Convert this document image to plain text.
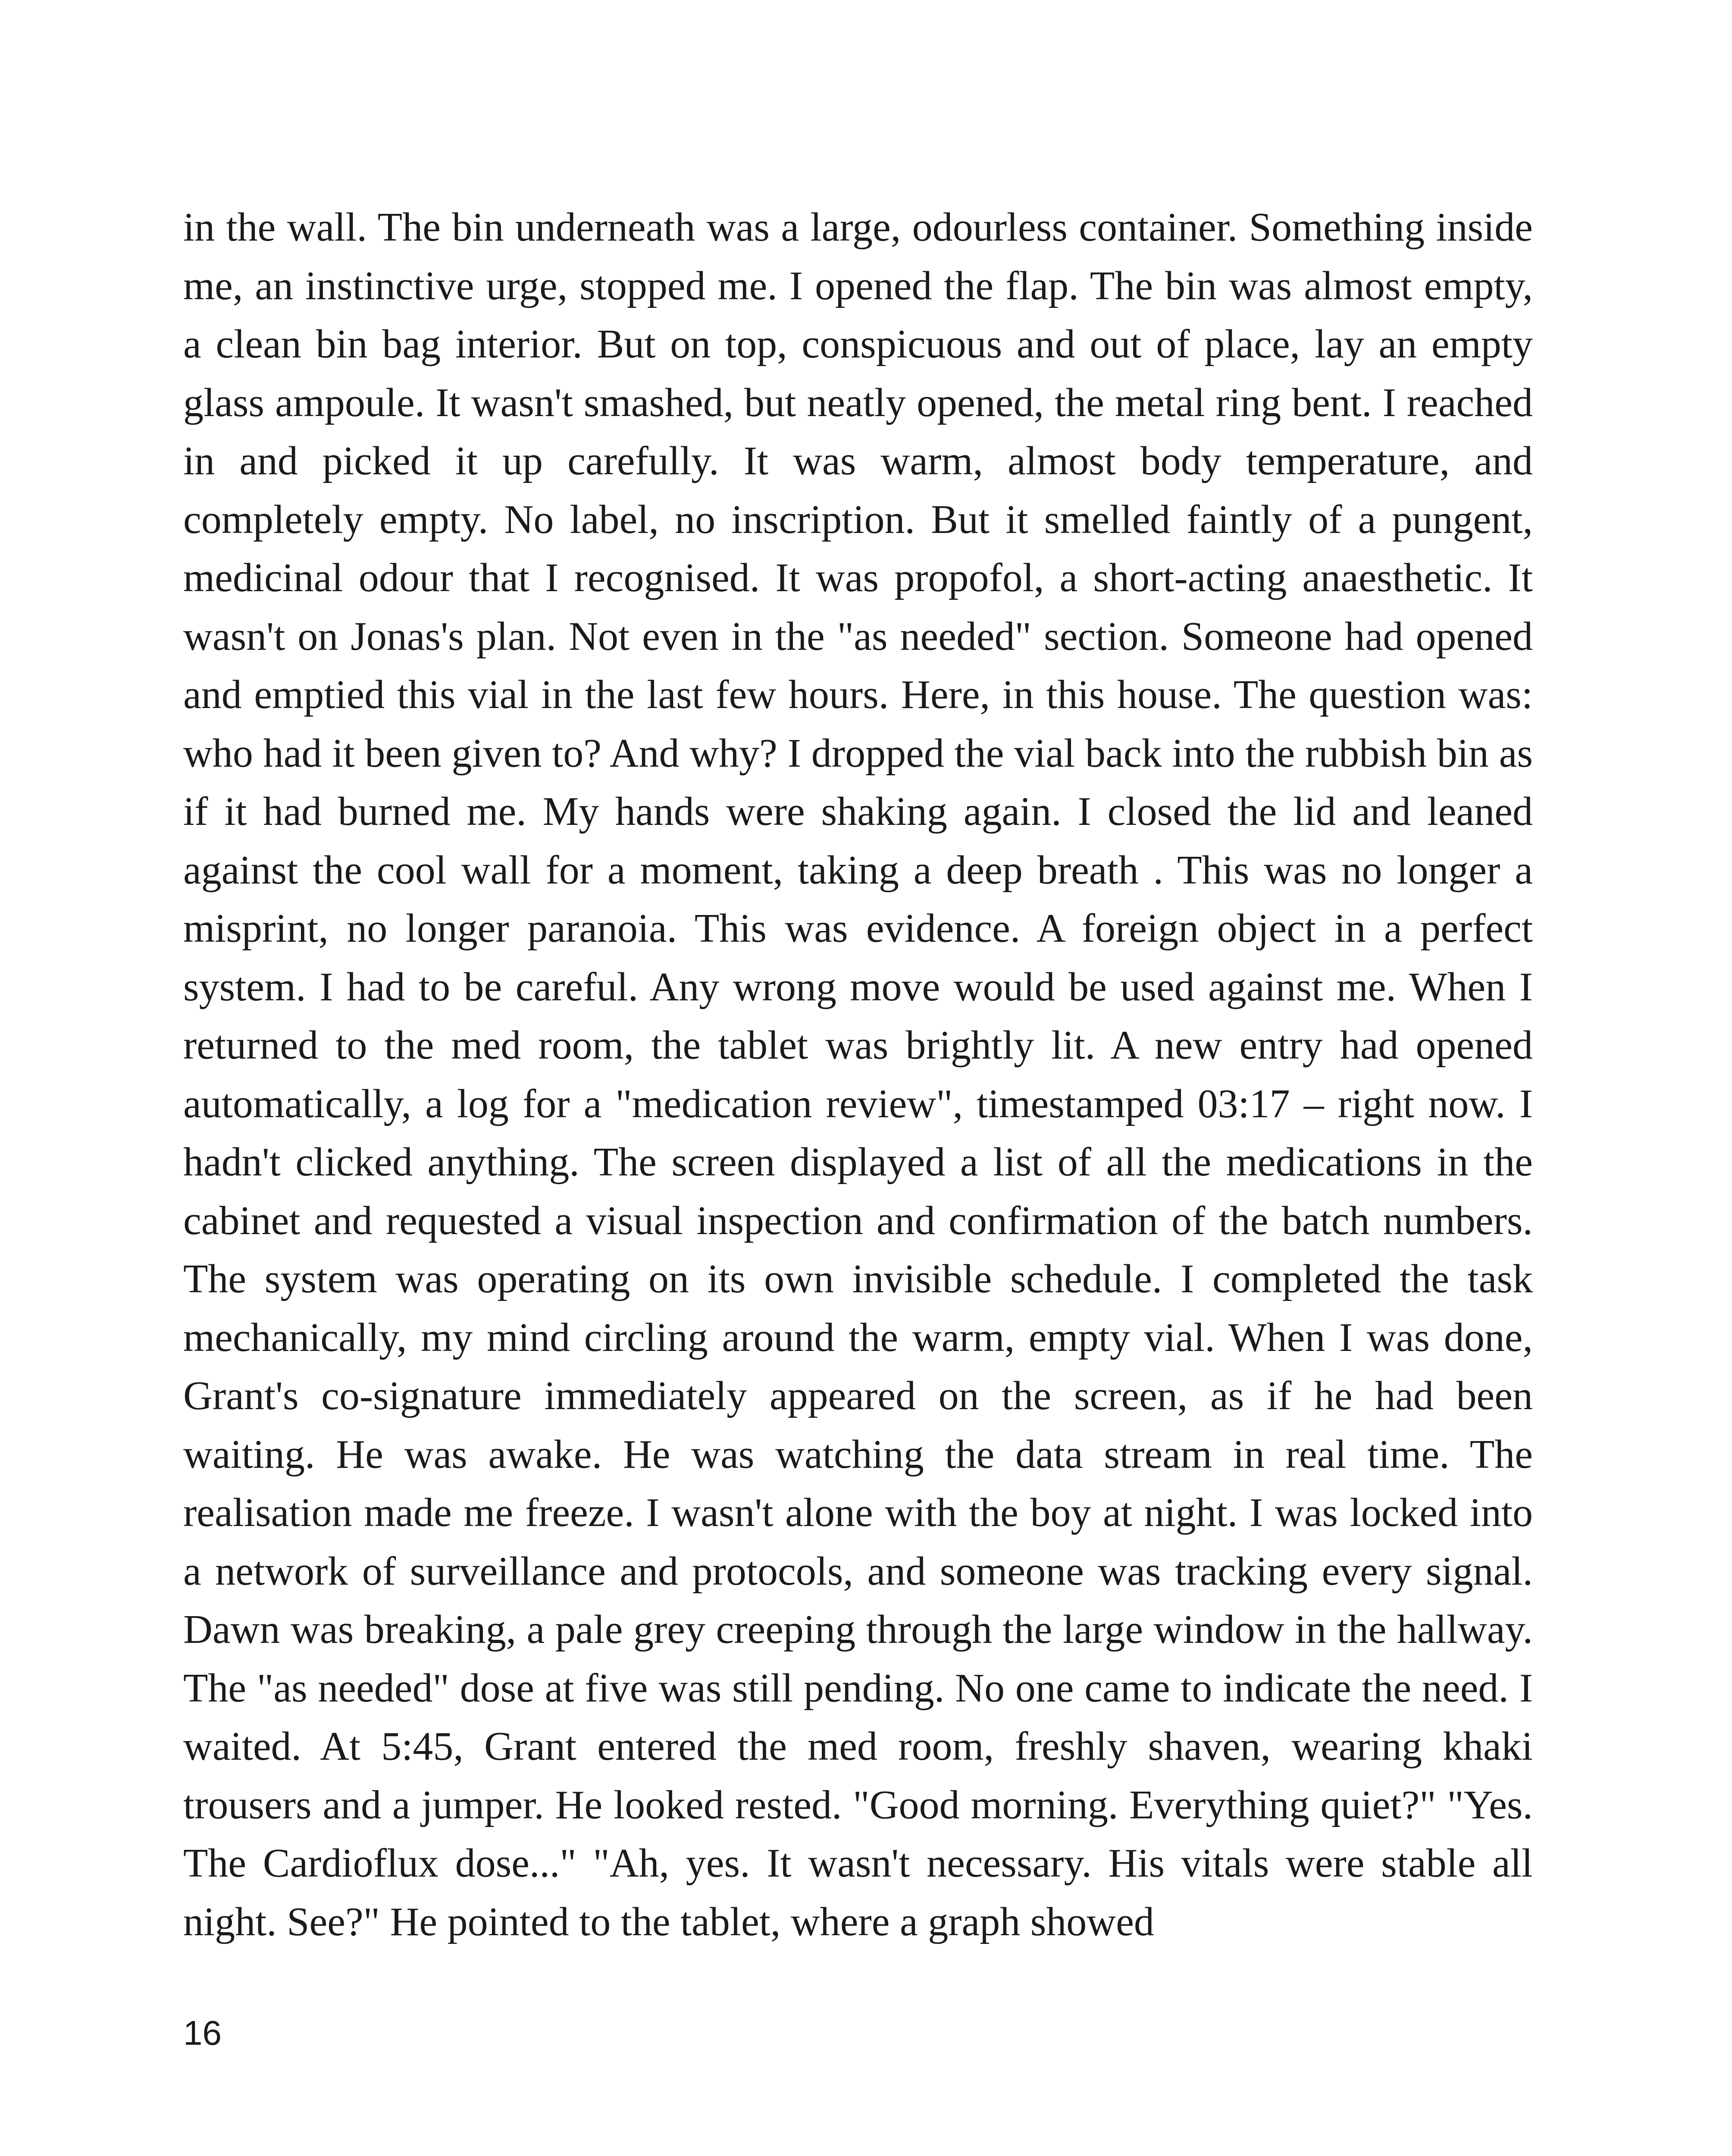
in the wall. The bin underneath was a large, odourless container. Something inside me, an instinctive urge, stopped me. I opened the flap. The bin was almost empty, a clean bin bag interior. But on top, conspicuous and out of place, lay an empty glass ampoule. It wasn't smashed, but neatly opened, the metal ring bent. I reached in and picked it up carefully. It was warm, almost body temperature, and completely empty. No label, no inscription. But it smelled faintly of a pungent, medicinal odour that I recognised. It was propofol, a short-acting anaesthetic. It wasn't on Jonas's plan. Not even in the "as needed" section. Someone had opened and emptied this vial in the last few hours. Here, in this house. The question was: who had it been given to? And why? I dropped the vial back into the rubbish bin as if it had burned me. My hands were shaking again. I closed the lid and leaned against the cool wall for a moment, taking a deep breath . This was no longer a misprint, no longer paranoia. This was evidence. A foreign object in a perfect system. I had to be careful. Any wrong move would be used against me. When I returned to the med room, the tablet was brightly lit. A new entry had opened automatically, a log for a "medication review", timestamped 03:17 – right now. I hadn't clicked anything. The screen displayed a list of all the medications in the cabinet and requested a visual inspection and confirmation of the batch numbers. The system was operating on its own invisible schedule. I completed the task mechanically, my mind circling around the warm, empty vial. When I was done, Grant's co-signature immediately appeared on the screen, as if he had been waiting. He was awake. He was watching the data stream in real time. The realisation made me freeze. I wasn't alone with the boy at night. I was locked into a network of surveillance and protocols, and someone was tracking every signal. Dawn was breaking, a pale grey creeping through the large window in the hallway. The "as needed" dose at five was still pending. No one came to indicate the need. I waited. At 5:45, Grant entered the med room, freshly shaven, wearing khaki trousers and a jumper. He looked rested. "Good morning. Everything quiet?" "Yes. The Cardioflux dose..." "Ah, yes. It wasn't necessary. His vitals were stable all night. See?" He pointed to the tablet, where a graph showed

16
